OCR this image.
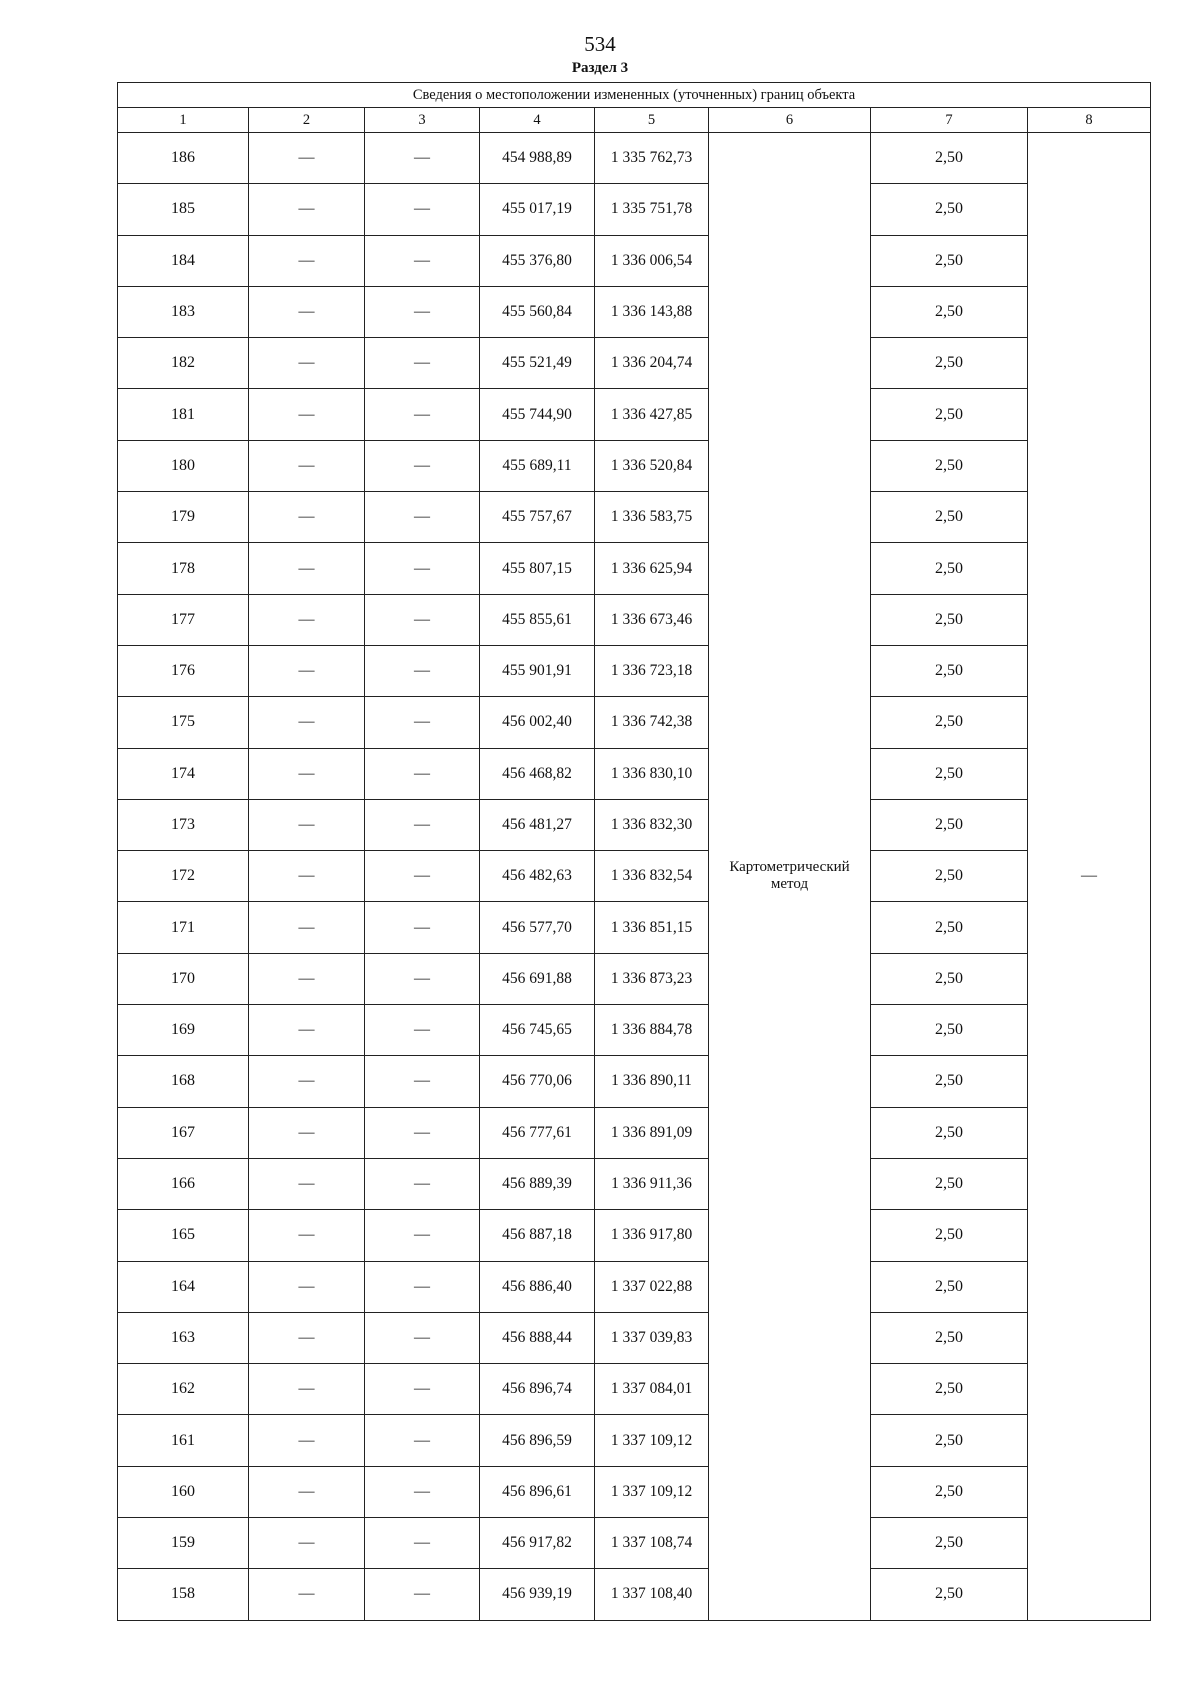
534
Раздел 3
Сведения о местоположении измененных (уточненных) границ объекта							
1	2	3	4	5	6	7	8
186	—	—	454 988,89	1 335 762,73	Картометрический метод	2,50	—
185	—	—	455 017,19	1 335 751,78		2,50	
184	—	—	455 376,80	1 336 006,54		2,50	
183	—	—	455 560,84	1 336 143,88		2,50	
182	—	—	455 521,49	1 336 204,74		2,50	
181	—	—	455 744,90	1 336 427,85		2,50	
180	—	—	455 689,11	1 336 520,84		2,50	
179	—	—	455 757,67	1 336 583,75		2,50	
178	—	—	455 807,15	1 336 625,94		2,50	
177	—	—	455 855,61	1 336 673,46		2,50	
176	—	—	455 901,91	1 336 723,18		2,50	
175	—	—	456 002,40	1 336 742,38		2,50	
174	—	—	456 468,82	1 336 830,10		2,50	
173	—	—	456 481,27	1 336 832,30		2,50	
172	—	—	456 482,63	1 336 832,54		2,50	
171	—	—	456 577,70	1 336 851,15		2,50	
170	—	—	456 691,88	1 336 873,23		2,50	
169	—	—	456 745,65	1 336 884,78		2,50	
168	—	—	456 770,06	1 336 890,11		2,50	
167	—	—	456 777,61	1 336 891,09		2,50	
166	—	—	456 889,39	1 336 911,36		2,50	
165	—	—	456 887,18	1 336 917,80		2,50	
164	—	—	456 886,40	1 337 022,88		2,50	
163	—	—	456 888,44	1 337 039,83		2,50	
162	—	—	456 896,74	1 337 084,01		2,50	
161	—	—	456 896,59	1 337 109,12		2,50	
160	—	—	456 896,61	1 337 109,12		2,50	
159	—	—	456 917,82	1 337 108,74		2,50	
158	—	—	456 939,19	1 337 108,40		2,50	
